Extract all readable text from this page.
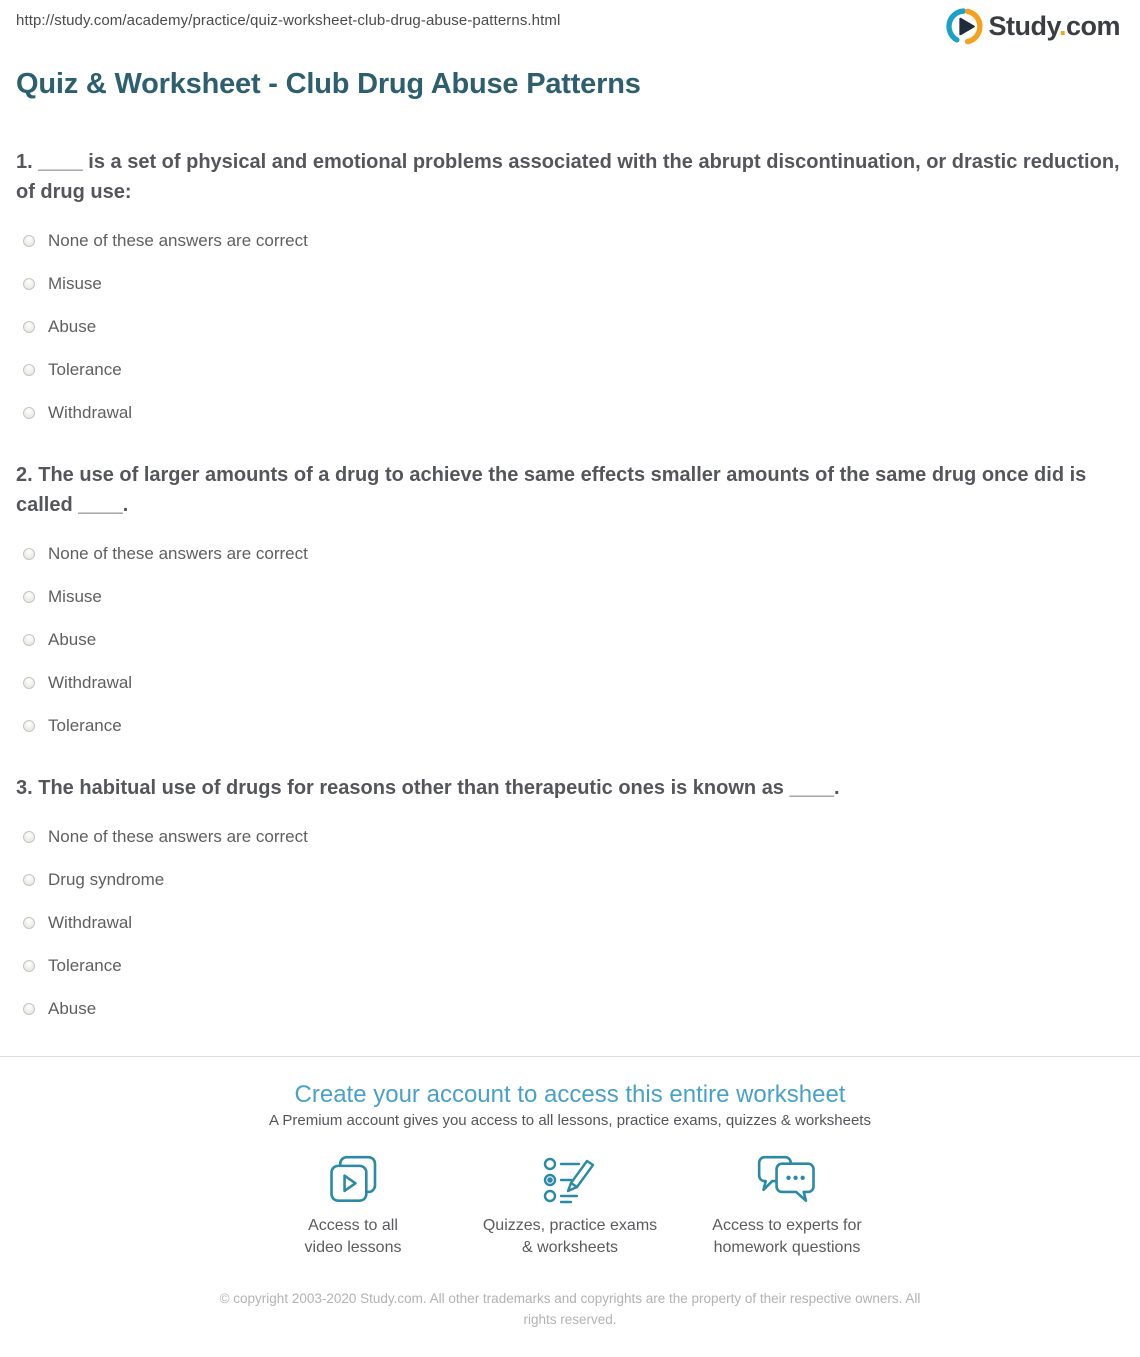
http://study.com/academy/practice/quiz-worksheet-club-drug-abuse-patterns.html	Study.com
Quiz & Worksheet - Club Drug Abuse Patterns
1. ____ is a set of physical and emotional problems associated with the abrupt discontinuation, or drastic reduction, of drug use:
None of these answers are correct
Misuse
Abuse
Tolerance
Withdrawal
2. The use of larger amounts of a drug to achieve the same effects smaller amounts of the same drug once did is called ____.
None of these answers are correct
Misuse
Abuse
Withdrawal
Tolerance
3. The habitual use of drugs for reasons other than therapeutic ones is known as ____.
None of these answers are correct
Drug syndrome
Withdrawal
Tolerance
Abuse
Create your account to access this entire worksheet

A Premium account gives you access to all lessons, practice exams, quizzes & worksheets

Access to all
video lessons
Quizzes, practice exams
& worksheets
Access to experts for
homework questions

© copyright 2003-2020 Study.com. All other trademarks and copyrights are the property of their respective owners. All rights reserved.
